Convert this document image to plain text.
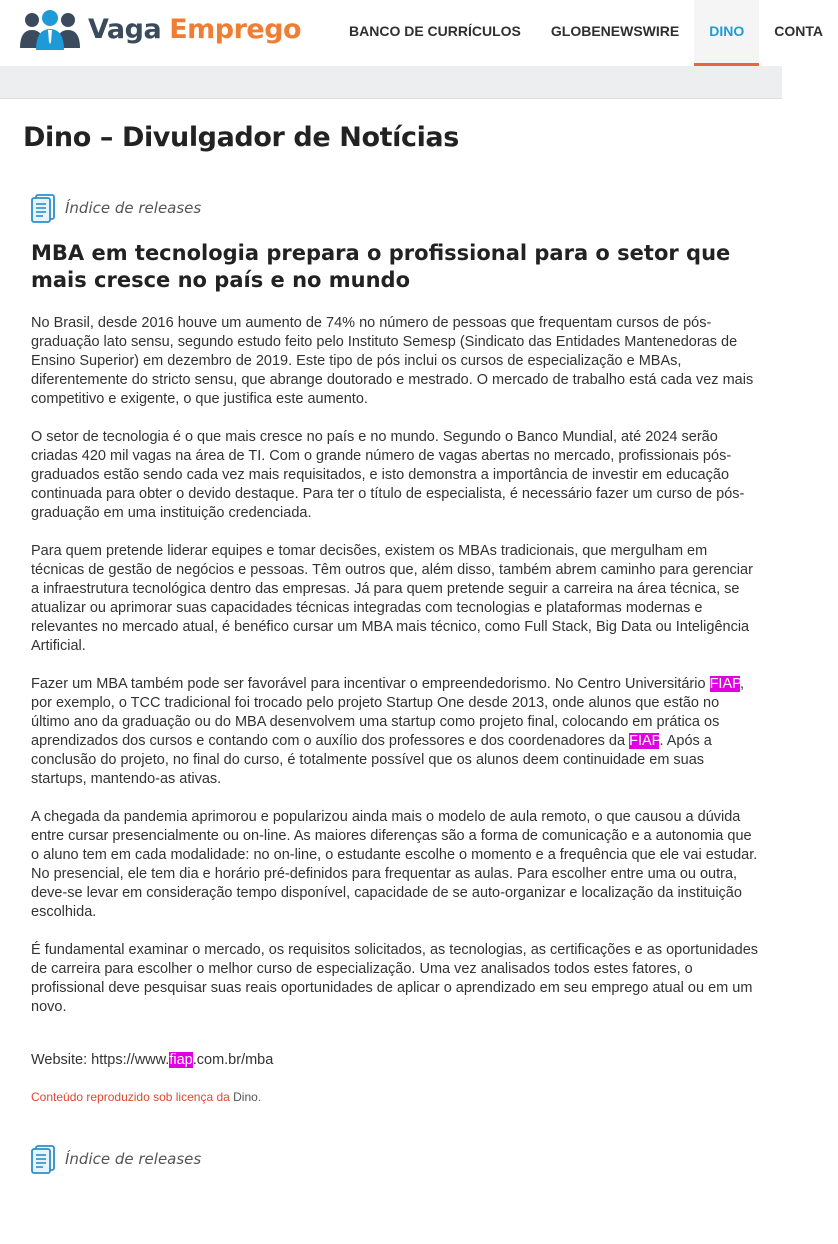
Vaga Emprego	BANCO DE CURRÍCULOS	GLOBENEWSWIRE	DINO	CONTA
Dino – Divulgador de Notícias
Índice de releases
MBA em tecnologia prepara o profissional para o setor que mais cresce no país e no mundo

No Brasil, desde 2016 houve um aumento de 74% no número de pessoas que frequentam cursos de pós-graduação lato sensu, segundo estudo feito pelo Instituto Semesp (Sindicato das Entidades Mantenedoras de Ensino Superior) em dezembro de 2019. Este tipo de pós inclui os cursos de especialização e MBAs, diferentemente do stricto sensu, que abrange doutorado e mestrado. O mercado de trabalho está cada vez mais competitivo e exigente, o que justifica este aumento.

O setor de tecnologia é o que mais cresce no país e no mundo. Segundo o Banco Mundial, até 2024 serão criadas 420 mil vagas na área de TI. Com o grande número de vagas abertas no mercado, profissionais pós-graduados estão sendo cada vez mais requisitados, e isto demonstra a importância de investir em educação continuada para obter o devido destaque. Para ter o título de especialista, é necessário fazer um curso de pós-graduação em uma instituição credenciada.

Para quem pretende liderar equipes e tomar decisões, existem os MBAs tradicionais, que mergulham em técnicas de gestão de negócios e pessoas. Têm outros que, além disso, também abrem caminho para gerenciar a infraestrutura tecnológica dentro das empresas. Já para quem pretende seguir a carreira na área técnica, se atualizar ou aprimorar suas capacidades técnicas integradas com tecnologias e plataformas modernas e relevantes no mercado atual, é benéfico cursar um MBA mais técnico, como Full Stack, Big Data ou Inteligência Artificial.

Fazer um MBA também pode ser favorável para incentivar o empreendedorismo. No Centro Universitário FIAP, por exemplo, o TCC tradicional foi trocado pelo projeto Startup One desde 2013, onde alunos que estão no último ano da graduação ou do MBA desenvolvem uma startup como projeto final, colocando em prática os aprendizados dos cursos e contando com o auxílio dos professores e dos coordenadores da FIAP. Após a conclusão do projeto, no final do curso, é totalmente possível que os alunos deem continuidade em suas startups, mantendo-as ativas.

A chegada da pandemia aprimorou e popularizou ainda mais o modelo de aula remoto, o que causou a dúvida entre cursar presencialmente ou on-line. As maiores diferenças são a forma de comunicação e a autonomia que o aluno tem em cada modalidade: no on-line, o estudante escolhe o momento e a frequência que ele vai estudar. No presencial, ele tem dia e horário pré-definidos para frequentar as aulas. Para escolher entre uma ou outra, deve-se levar em consideração tempo disponível, capacidade de se auto-organizar e localização da instituição escolhida.

É fundamental examinar o mercado, os requisitos solicitados, as tecnologias, as certificações e as oportunidades de carreira para escolher o melhor curso de especialização. Uma vez analisados todos estes fatores, o profissional deve pesquisar suas reais oportunidades de aplicar o aprendizado em seu emprego atual ou em um novo.

Website: https://www.fiap.com.br/mba
Conteúdo reproduzido sob licença da Dino.
Índice de releases
